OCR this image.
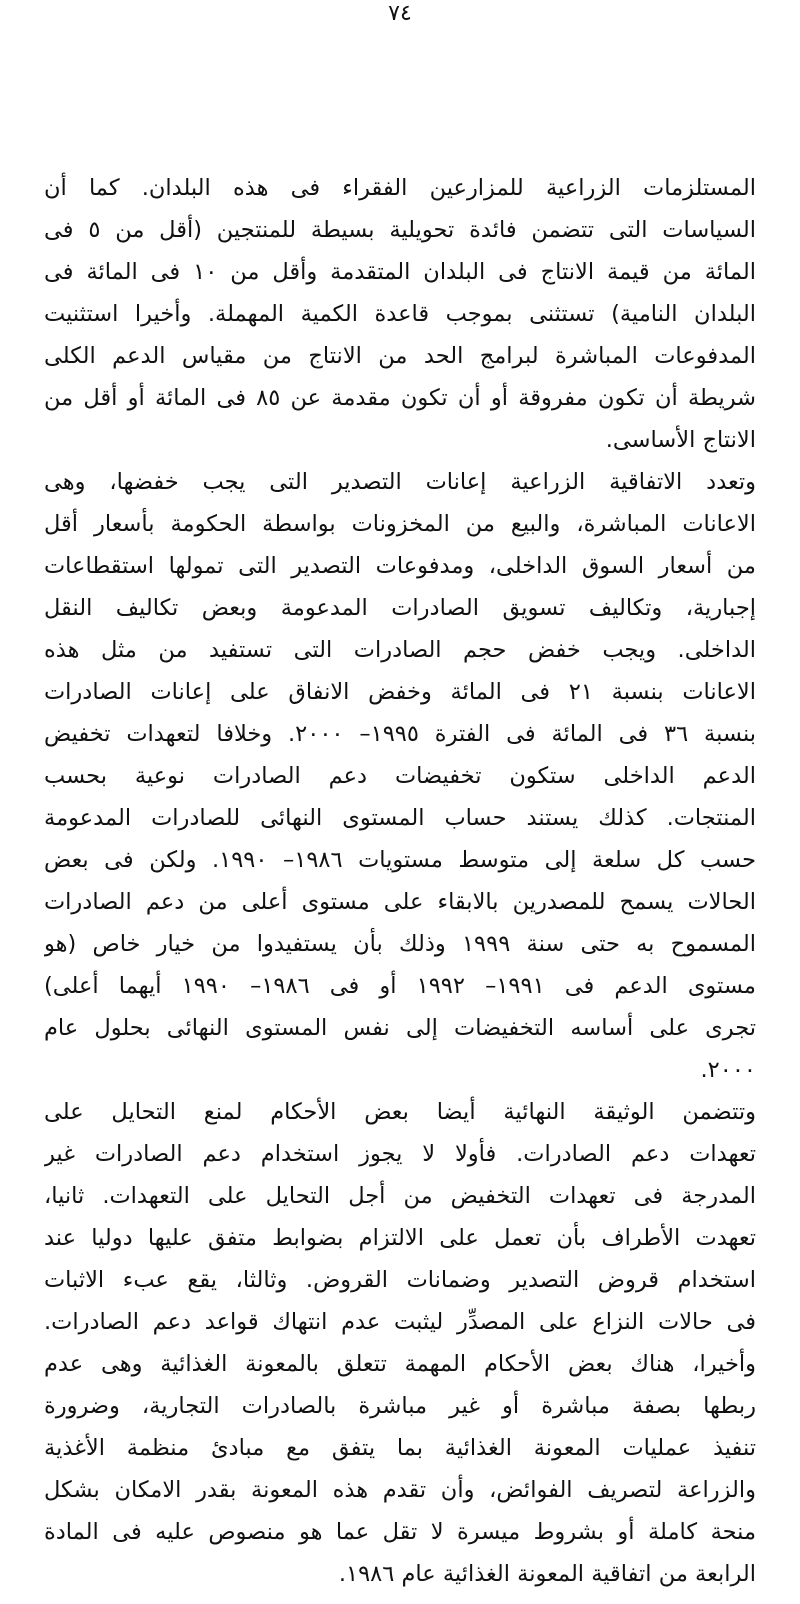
٧٤
المستلزمات الزراعية للمزارعين الفقراء فى هذه البلدان. كما أن
السياسات التى تتضمن فائدة تحويلية بسيطة للمنتجين (أقل من ٥ فى
المائة من قيمة الانتاج فى البلدان المتقدمة وأقل من ١٠ فى المائة فى
البلدان النامية) تستثنى بموجب قاعدة الكمية المهملة. وأخيرا استثنيت
المدفوعات المباشرة لبرامج الحد من الانتاج من مقياس الدعم الكلى
شريطة أن تكون مفروقة أو أن تكون مقدمة عن ٨٥ فى المائة أو أقل من
الانتاج الأساسى.
وتعدد الاتفاقية الزراعية إعانات التصدير التى يجب خفضها، وهى
الاعانات المباشرة، والبيع من المخزونات بواسطة الحكومة بأسعار أقل
من أسعار السوق الداخلى، ومدفوعات التصدير التى تمولها استقطاعات
إجبارية، وتكاليف تسويق الصادرات المدعومة وبعض تكاليف النقل
الداخلى. ويجب خفض حجم الصادرات التى تستفيد من مثل هذه
الاعانات بنسبة ٢١ فى المائة وخفض الانفاق على إعانات الصادرات
بنسبة ٣٦ فى المائة فى الفترة ١٩٩٥– ٢٠٠٠. وخلافا لتعهدات تخفيض
الدعم الداخلى ستكون تخفيضات دعم الصادرات نوعية بحسب
المنتجات. كذلك يستند حساب المستوى النهائى للصادرات المدعومة
حسب كل سلعة إلى متوسط مستويات ١٩٨٦– ١٩٩٠. ولكن فى بعض
الحالات يسمح للمصدرين بالابقاء على مستوى أعلى من دعم الصادرات
المسموح به حتى سنة ١٩٩٩ وذلك بأن يستفيدوا من خيار خاص (هو
مستوى الدعم فى ١٩٩١– ١٩٩٢ أو فى ١٩٨٦– ١٩٩٠ أيهما أعلى)
تجرى على أساسه التخفيضات إلى نفس المستوى النهائى بحلول عام
٢٠٠٠.
وتتضمن الوثيقة النهائية أيضا بعض الأحكام لمنع التحايل على
تعهدات دعم الصادرات. فأولا لا يجوز استخدام دعم الصادرات غير
المدرجة فى تعهدات التخفيض من أجل التحايل على التعهدات. ثانيا،
تعهدت الأطراف بأن تعمل على الالتزام بضوابط متفق عليها دوليا عند
استخدام قروض التصدير وضمانات القروض. وثالثا، يقع عبء الاثبات
فى حالات النزاع على المصدِّر ليثبت عدم انتهاك قواعد دعم الصادرات.
وأخيرا، هناك بعض الأحكام المهمة تتعلق بالمعونة الغذائية وهى عدم
ربطها بصفة مباشرة أو غير مباشرة بالصادرات التجارية، وضرورة
تنفيذ عمليات المعونة الغذائية بما يتفق مع مبادئ منظمة الأغذية
والزراعة لتصريف الفوائض، وأن تقدم هذه المعونة بقدر الامكان بشكل
منحة كاملة أو بشروط ميسرة لا تقل عما هو منصوص عليه فى المادة
الرابعة من اتفاقية المعونة الغذائية عام ١٩٨٦.
